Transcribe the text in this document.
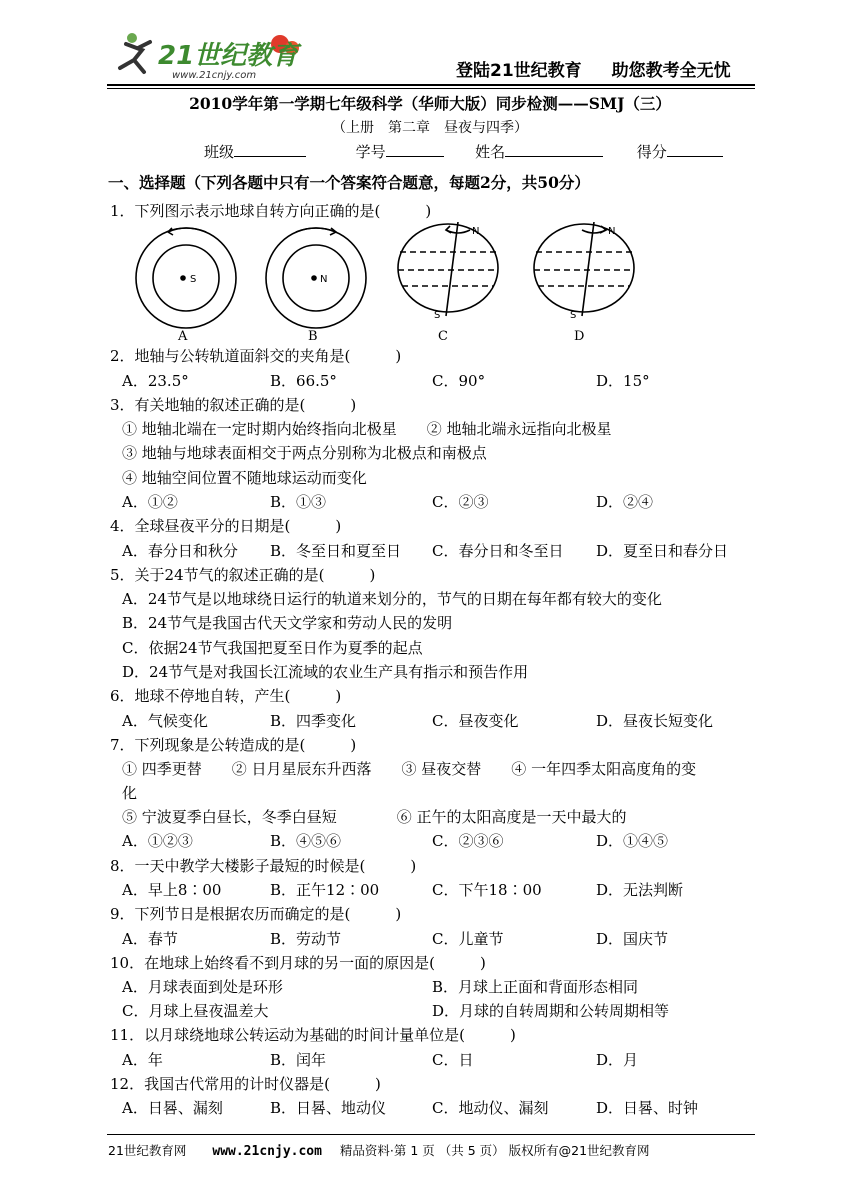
21世纪教育
www.21cnjy.com	登陆21世纪教育 助您教考全无忧
2010学年第一学期七年级科学（华师大版）同步检测——SMJ（三）
（上册　第二章　昼夜与四季）
班级	学号	姓名	得分
一、选择题（下列各题中只有一个答案符合题意，每题2分，共50分）
1．下列图示表示地球自转方向正确的是(　　　)
S
A
N
B
N
S
C
N
S
D
2．地轴与公转轨道面斜交的夹角是(　　　)
A．23.5°	B．66.5°	C．90°	D．15°
3．有关地轴的叙述正确的是(　　　)
① 地轴北端在一定时期内始终指向北极星　　② 地轴北端永远指向北极星
③ 地轴与地球表面相交于两点分别称为北极点和南极点
④ 地轴空间位置不随地球运动而变化
A．①②	B．①③	C．②③	D．②④
4．全球昼夜平分的日期是(　　　)
A．春分日和秋分 B．冬至日和夏至日 C．春分日和冬至日 D．夏至日和春分日
5．关于24节气的叙述正确的是(　　　)
A．24节气是以地球绕日运行的轨道来划分的，节气的日期在每年都有较大的变化
B．24节气是我国古代天文学家和劳动人民的发明
C．依据24节气我国把夏至日作为夏季的起点
D．24节气是对我国长江流域的农业生产具有指示和预告作用
6．地球不停地自转，产生(　　　)
A．气候变化	B．四季变化	C．昼夜变化	D．昼夜长短变化
7．下列现象是公转造成的是(　　　)
① 四季更替　　② 日月星辰东升西落　　③ 昼夜交替　　④ 一年四季太阳高度角的变
化
⑤ 宁波夏季白昼长，冬季白昼短　　　　⑥ 正午的太阳高度是一天中最大的
A．①②③	B．④⑤⑥	C．②③⑥	D．①④⑤
8．一天中教学大楼影子最短的时候是(　　　)
A．早上8∶00	B．正午12∶00	C．下午18∶00	D．无法判断
9．下列节日是根据农历而确定的是(　　　)
A．春节	B．劳动节	C．儿童节	D．国庆节
10．在地球上始终看不到月球的另一面的原因是(　　　)
A．月球表面到处是环形	B．月球上正面和背面形态相同
C．月球上昼夜温差大	D．月球的自转周期和公转周期相等
11．以月球绕地球公转运动为基础的时间计量单位是(　　　)
A．年	B．闰年	C．日	D．月
12．我国古代常用的计时仪器是(　　　)
A．日晷、漏刻	B．日晷、地动仪	C．地动仪、漏刻	D．日晷、时钟
21世纪教育网 www.21cnjy.com 精品资料·第 1 页 （共 5 页） 版权所有@21世纪教育网
